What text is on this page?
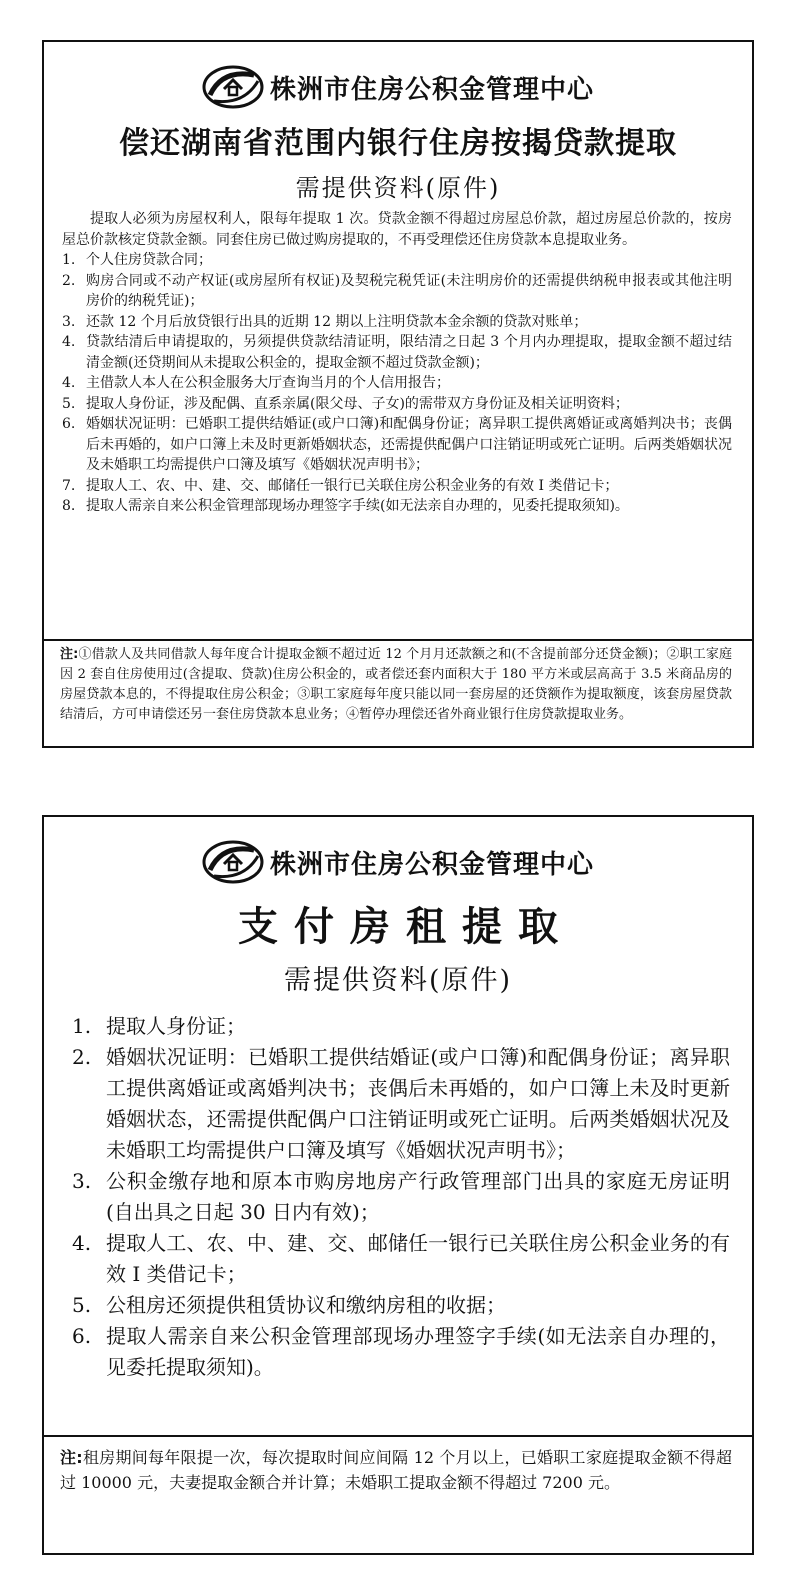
株洲市住房公积金管理中心
偿还湖南省范围内银行住房按揭贷款提取
需提供资料(原件)
提取人必须为房屋权利人，限每年提取 1 次。贷款金额不得超过房屋总价款，超过房屋总价款的，按房屋总价款核定贷款金额。同套住房已做过购房提取的，不再受理偿还住房贷款本息提取业务。
1. 个人住房贷款合同；
2. 购房合同或不动产权证(或房屋所有权证)及契税完税凭证(未注明房价的还需提供纳税申报表或其他注明房价的纳税凭证)；
3. 还款 12 个月后放贷银行出具的近期 12 期以上注明贷款本金余额的贷款对账单；
4. 贷款结清后申请提取的，另须提供贷款结清证明，限结清之日起 3 个月内办理提取，提取金额不超过结清金额(还贷期间从未提取公积金的，提取金额不超过贷款金额)；
4. 主借款人本人在公积金服务大厅查询当月的个人信用报告；
5. 提取人身份证，涉及配偶、直系亲属(限父母、子女)的需带双方身份证及相关证明资料；
6. 婚姻状况证明：已婚职工提供结婚证(或户口簿)和配偶身份证；离异职工提供离婚证或离婚判决书；丧偶后未再婚的，如户口簿上未及时更新婚姻状态，还需提供配偶户口注销证明或死亡证明。后两类婚姻状况及未婚职工均需提供户口簿及填写《婚姻状况声明书》；
7. 提取人工、农、中、建、交、邮储任一银行已关联住房公积金业务的有效 I 类借记卡；
8. 提取人需亲自来公积金管理部现场办理签字手续(如无法亲自办理的，见委托提取须知)。
注:①借款人及共同借款人每年度合计提取金额不超过近 12 个月月还款额之和(不含提前部分还贷金额)；②职工家庭因 2 套自住房使用过(含提取、贷款)住房公积金的，或者偿还套内面积大于 180 平方米或层高高于 3.5 米商品房的房屋贷款本息的，不得提取住房公积金；③职工家庭每年度只能以同一套房屋的还贷额作为提取额度，该套房屋贷款结清后，方可申请偿还另一套住房贷款本息业务；④暂停办理偿还省外商业银行住房贷款提取业务。
株洲市住房公积金管理中心
支付房租提取
需提供资料(原件)
1. 提取人身份证；
2. 婚姻状况证明：已婚职工提供结婚证(或户口簿)和配偶身份证；离异职工提供离婚证或离婚判决书；丧偶后未再婚的，如户口簿上未及时更新婚姻状态，还需提供配偶户口注销证明或死亡证明。后两类婚姻状况及未婚职工均需提供户口簿及填写《婚姻状况声明书》；
3. 公积金缴存地和原本市购房地房产行政管理部门出具的家庭无房证明(自出具之日起 30 日内有效)；
4. 提取人工、农、中、建、交、邮储任一银行已关联住房公积金业务的有效 I 类借记卡；
5. 公租房还须提供租赁协议和缴纳房租的收据；
6. 提取人需亲自来公积金管理部现场办理签字手续(如无法亲自办理的，见委托提取须知)。
注:租房期间每年限提一次，每次提取时间应间隔 12 个月以上，已婚职工家庭提取金额不得超过 10000 元，夫妻提取金额合并计算；未婚职工提取金额不得超过 7200 元。
